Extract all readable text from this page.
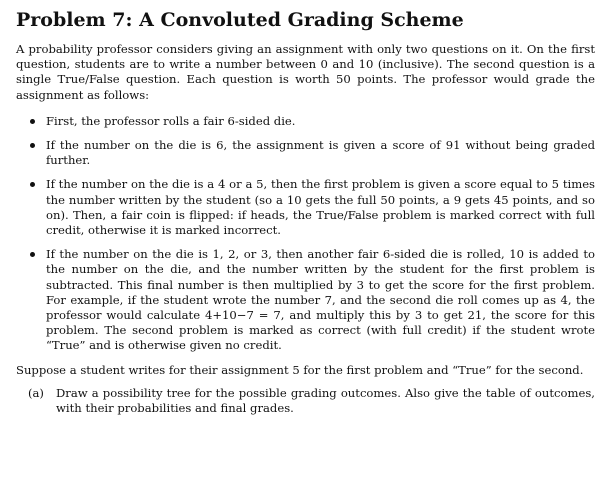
Problem 7: A Convoluted Grading Scheme

A probability professor considers giving an assignment with only two questions on it. On the first question, students are to write a number between 0 and 10 (inclusive). The second question is a single True/False question. Each question is worth 50 points. The professor would grade the assignment as follows:

First, the professor rolls a fair 6-sided die.
If the number on the die is 6, the assignment is given a score of 91 without being graded further.
If the number on the die is a 4 or a 5, then the first problem is given a score equal to 5 times the number written by the student (so a 10 gets the full 50 points, a 9 gets 45 points, and so on). Then, a fair coin is flipped: if heads, the True/False problem is marked correct with full credit, otherwise it is marked incorrect.
If the number on the die is 1, 2, or 3, then another fair 6-sided die is rolled, 10 is added to the number on the die, and the number written by the student for the first problem is subtracted. This final number is then multiplied by 3 to get the score for the first problem. For example, if the student wrote the number 7, and the second die roll comes up as 4, the professor would calculate 4+10−7 = 7, and multiply this by 3 to get 21, the score for this problem. The second problem is marked as correct (with full credit) if the student wrote “True” and is otherwise given no credit.

Suppose a student writes for their assignment 5 for the first problem and “True” for the second.

(a) Draw a possibility tree for the possible grading outcomes. Also give the table of outcomes, with their probabilities and final grades.
